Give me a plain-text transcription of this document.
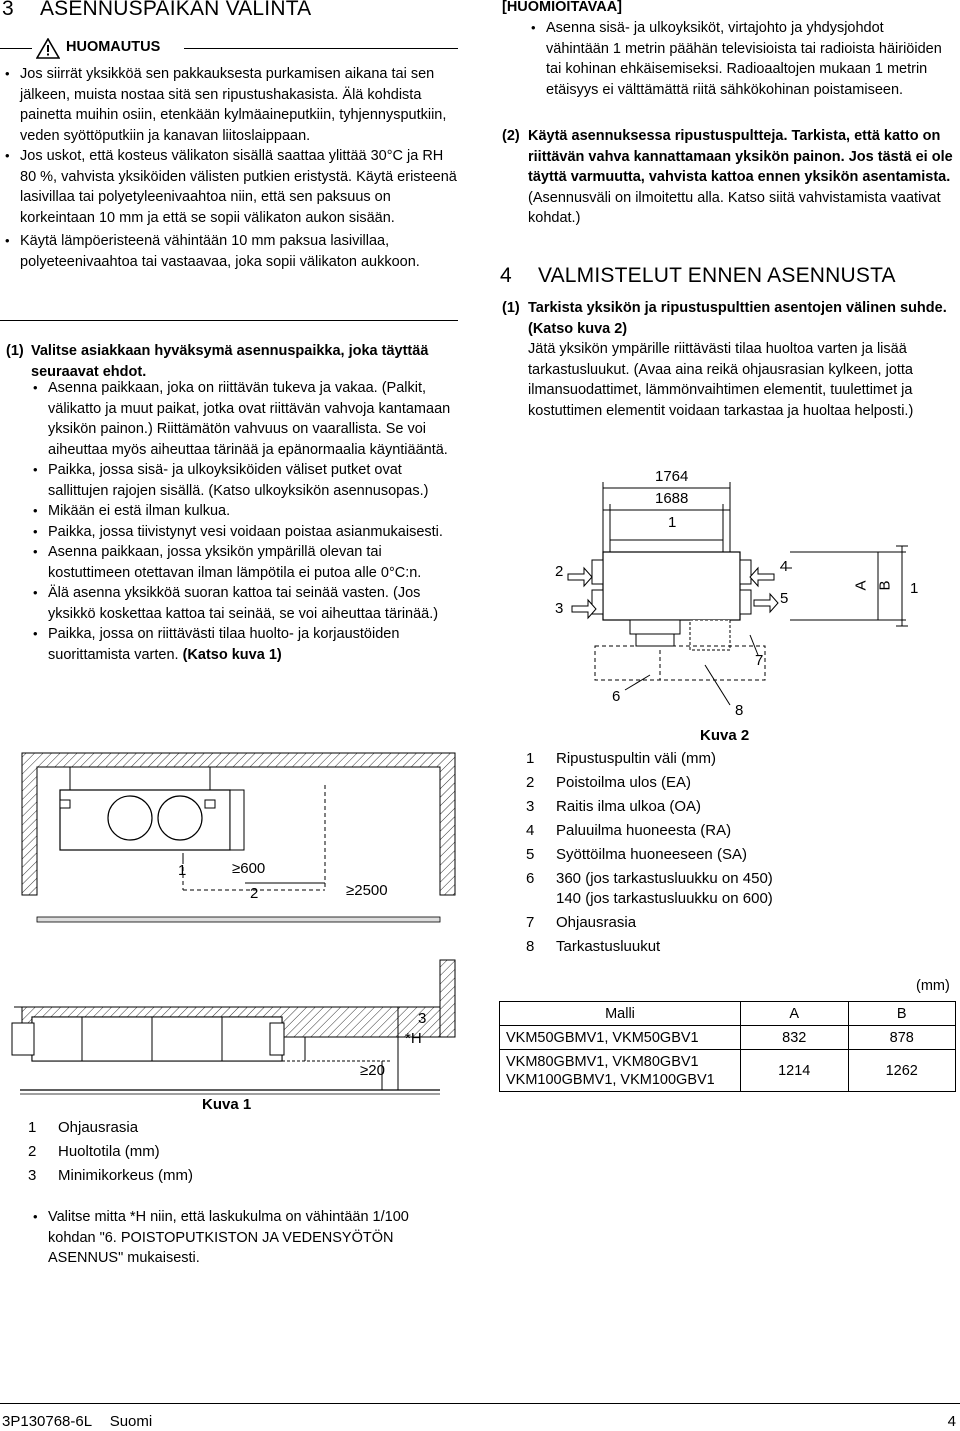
3 ASENNUSPAIKAN VALINTA
HUOMAUTUS
• Jos siirrät yksikköä sen pakkauksesta purkamisen aikana tai sen jälkeen, muista nostaa sitä sen ripustushakasista. Älä kohdista painetta muihin osiin, etenkään kylmäaineputkiin, tyhjennysputkiin, veden syöttöputkiin ja kanavan liitoslaippaan.
• Jos uskot, että kosteus välikaton sisällä saattaa ylittää 30°C ja RH 80 %, vahvista yksiköiden välisten putkien eristystä. Käytä eristeenä lasivillaa tai polyetyleenivaahtoa niin, että sen paksuus on korkeintaan 10 mm ja että se sopii välikaton aukon sisään.
• Käytä lämpöeristeenä vähintään 10 mm paksua lasivillaa, polyeteenivaahtoa tai vastaavaa, joka sopii välikaton aukkoon.
(1) Valitse asiakkaan hyväksymä asennuspaikka, joka täyttää seuraavat ehdot.
• Asenna paikkaan, joka on riittävän tukeva ja vakaa. (Palkit, välikatto ja muut paikat, jotka ovat riittävän vahvoja kantamaan yksikön painon.) Riittämätön vahvuus on vaarallista. Se voi aiheuttaa myös aiheuttaa tärinää ja epänormaalia käyntiääntä.
• Paikka, jossa sisä- ja ulkoyksiköiden väliset putket ovat sallittujen rajojen sisällä. (Katso ulkoyksikön asennusopas.)
• Mikään ei estä ilman kulkua.
• Paikka, jossa tiivistynyt vesi voidaan poistaa asianmukaisesti.
• Asenna paikkaan, jossa yksikön ympärillä olevan tai kostuttimeen otettavan ilman lämpötila ei putoa alle 0°C:n.
• Älä asenna yksikköä suoran kattoa tai seinää vasten. (Jos yksikkö koskettaa kattoa tai seinää, se voi aiheuttaa tärinää.)
• Paikka, jossa on riittävästi tilaa huolto- ja korjaustöiden suorittamista varten. (Katso kuva 1)
1	≥600
2	≥2500
3
*H
≥20
Kuva 1
1 Ohjausrasia
2 Huoltotila (mm)
3 Minimikorkeus (mm)
• Valitse mitta *H niin, että laskukulma on vähintään 1/100 kohdan "6. POISTOPUTKISTON JA VEDENSYÖTÖN ASENNUS" mukaisesti.
[HUOMIOITAVAA]
• Asenna sisä- ja ulkoyksiköt, virtajohto ja yhdysjohdot vähintään 1 metrin päähän televisioista tai radioista häiriöiden tai kohinan ehkäisemiseksi. Radioaaltojen mukaan 1 metrin etäisyys ei välttämättä riitä sähkökohinan poistamiseen.
(2) Käytä asennuksessa ripustuspultteja. Tarkista, että katto on riittävän vahva kannattamaan yksikön painon. Jos tästä ei ole täyttä varmuutta, vahvista kattoa ennen yksikön asentamista.
(Asennusväli on ilmoitettu alla. Katso siitä vahvistamista vaativat kohdat.)
4 VALMISTELUT ENNEN ASENNUSTA
(1) Tarkista yksikön ja ripustuspulttien asentojen välinen suhde. (Katso kuva 2)
Jätä yksikön ympärille riittävästi tilaa huoltoa varten ja lisää tarkastusluukut. (Avaa aina reikä ohjausrasian kylkeen, jotta ilmansuodattimet, lämmönvaihtimen elementit, tuulettimet ja kostuttimen elementit voidaan tarkastaa ja huoltaa helposti.)
1764
1688
1
2
3
4
5
6
7
8
A B 1
Kuva 2
1 Ripustuspultin väli (mm)
2 Poistoilma ulos (EA)
3 Raitis ilma ulkoa (OA)
4 Paluuilma huoneesta (RA)
5 Syöttöilma huoneeseen (SA)
6 360 (jos tarkastusluukku on 450)
140 (jos tarkastusluukku on 600)
7 Ohjausrasia
8 Tarkastusluukut
(mm)
Malli	A	B
VKM50GBMV1, VKM50GBV1	832	878
VKM80GBMV1, VKM80GBV1
VKM100GBMV1, VKM100GBV1	1214	1262
3P130768-6L Suomi	4
